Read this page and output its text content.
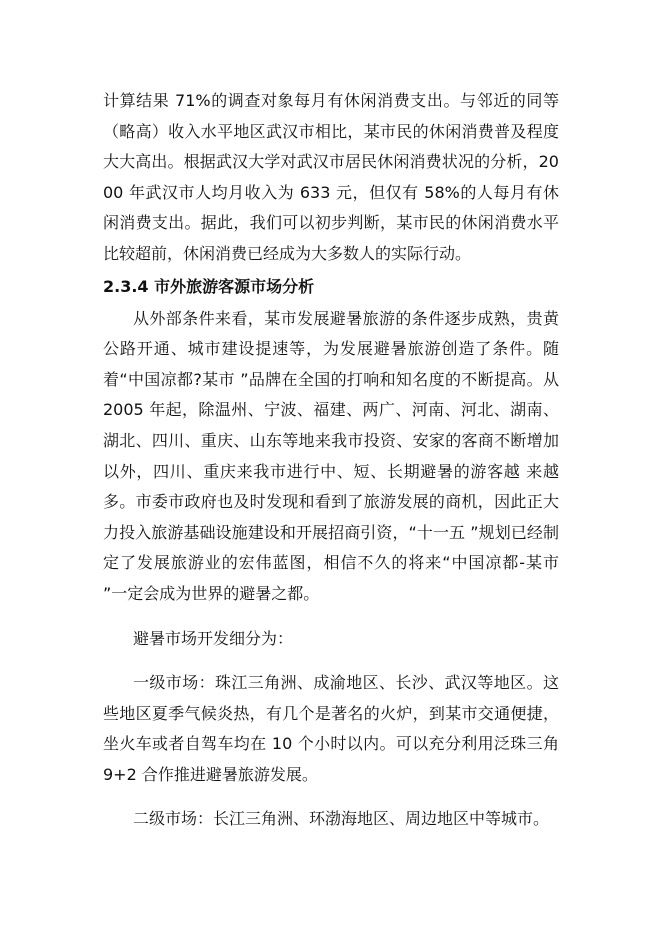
计算结果 71%的调查对象每月有休闲消费支出。与邻近的同等（略高）收入水平地区武汉市相比，某市民的休闲消费普及程度大大高出。根据武汉大学对武汉市居民休闲消费状况的分析，2000 年武汉市人均月收入为 633 元，但仅有 58%的人每月有休闲消费支出。据此，我们可以初步判断，某市民的休闲消费水平比较超前，休闲消费已经成为大多数人的实际行动。

2.3.4 市外旅游客源市场分析

从外部条件来看，某市发展避暑旅游的条件逐步成熟，贵黄公路开通、城市建设提速等，为发展避暑旅游创造了条件。随着“中国凉都?某市 ”品牌在全国的打响和知名度的不断提高。从 2005 年起，除温州、宁波、福建、两广、河南、河北、湖南、湖北、四川、重庆、山东等地来我市投资、安家的客商不断增加以外，四川、重庆来我市进行中、短、长期避暑的游客越 来越多。市委市政府也及时发现和看到了旅游发展的商机，因此正大力投入旅游基础设施建设和开展招商引资，“十一五 ”规划已经制定了发展旅游业的宏伟蓝图，相信不久的将来“中国凉都-某市 ”一定会成为世界的避暑之都。

避暑市场开发细分为：

一级市场：珠江三角洲、成渝地区、长沙、武汉等地区。这些地区夏季气候炎热，有几个是著名的火炉，到某市交通便捷，坐火车或者自驾车均在 10 个小时以内。可以充分利用泛珠三角 9+2 合作推进避暑旅游发展。

二级市场：长江三角洲、环渤海地区、周边地区中等城市。
